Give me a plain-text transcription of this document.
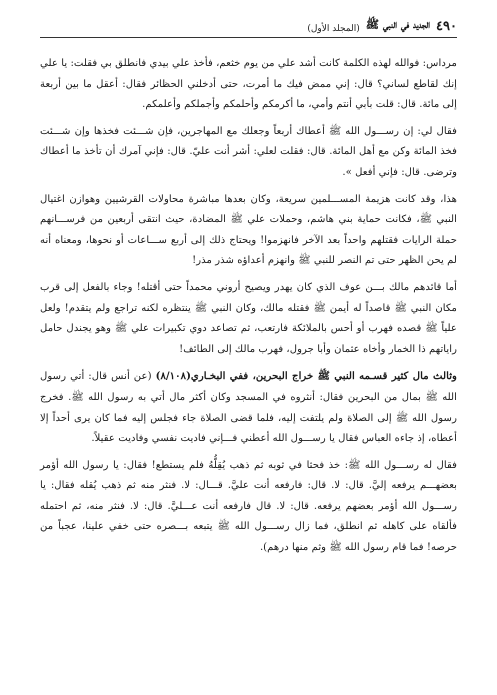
٤٩٠
الجديد في النبي ﷺ
(المجلد الأول)

مرداس: فوالله لهذه الكلمة كانت أشد علي من يوم خثعم، فأخذ علي بيدي فانطلق بي فقلت: يا علي إنك لقاطع لساني؟ قال: إني ممض فيك ما أمرت، حتى أدخلني الحظائر فقال: أعقل ما بين أربعة إلى مائة. قال: قلت بأبي أنتم وأمي، ما أكرمكم وأحلمكم وأجملكم وأعلمكم.

فقال لي: إن رســـول الله ﷺ أعطاك أربعاً وجعلك مع المهاجرين، فإن شـــئت فخذها وإن شـــئت فخذ المائة وكن مع أهل المائة. قال: فقلت لعلي: أشر أنت عليّ. قال: فإني آمرك أن تأخذ ما أعطاك وترضى. قال: فإني أفعل ».

هذا، وقد كانت هزيمة المســـلمين سريعة، وكان بعدها مباشرة محاولات القرشيين وهوازن اغتيال النبي ﷺ، فكانت حماية بني هاشم، وحملات علي ﷺ المضادة، حيث انتقى أربعين من فرســـانهم حملة الرايات فقتلهم واحداً بعد الآخر فانهزموا! ويحتاج ذلك إلى أربع ســـاعات أو نحوها، ومعناه أنه لم يحن الظهر حتى تم النصر للنبي ﷺ وانهزم أعداؤه شذر مذر!

أما قائدهم مالك بـــن عوف الذي كان يهدر ويصيح أروني محمداً حتى أقتله! وجاء بالفعل إلى قرب مكان النبي ﷺ قاصداً له أيمن ﷺ فقتله مالك، وكان النبي ﷺ ينتظره لكنه تراجع ولم يتقدم! ولعل علياً ﷺ قصده فهرب أو أحس بالملائكة فارتعب، ثم تصاعد دوي تكبيرات علي ﷺ وهو يجندل حامل راياتهم ذا الخمار وأخاه عثمان وأبا جرول، فهرب مالك إلى الطائف!

وثالث مال كثير قسـمه النبي ﷺ خراج البحرين، ففي البخـاري(٨/١٠٨) (عن أنس قال: أتي رسول الله ﷺ بمال من البحرين فقال: أنثروه في المسجد وكان أكثر مال أتي به رسول الله ﷺ. فخرج رسول الله ﷺ إلى الصلاة ولم يلتفت إليه، فلما قضى الصلاة جاء فجلس إليه فما كان يرى أحداً إلا أعطاه، إذ جاءه العباس فقال يا رســـول الله أعطني فـــإني فاديت نفسي وفاديت عقيلاً.

فقال له رســـول الله ﷺ: خذ فحثا في ثوبه ثم ذهب يُقِلُّهُ فلم يستطع! فقال: يا رسول الله أؤمر بعضهـــم يرفعه إليَّ. قال: لا. قال: فارفعه أنت عليَّ. قـــال: لا. فنثر منه ثم ذهب يُقله فقال: يا رســـول الله أؤمر بعضهم يرفعه. قال: لا. قال فارفعه أنت عـــليَّ. قال: لا. فنثر منه، ثم احتمله فألقاه على كاهله ثم انطلق، فما زال رســـول الله ﷺ يتبعه بـــصره حتى خفي علينا، عجباً من حرصه! فما قام رسول الله ﷺ وثم منها درهم).
